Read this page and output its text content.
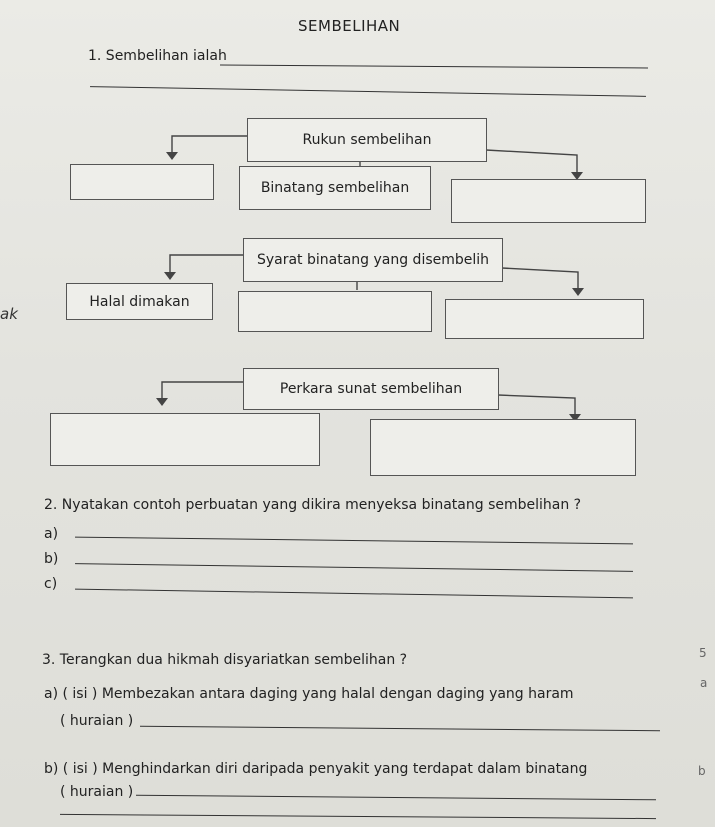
SEMBELIHAN
1. Sembelihan ialah
Rukun sembelihan
Binatang sembelihan
Syarat binatang yang disembelih
Halal dimakan
ak
Perkara sunat sembelihan
2. Nyatakan contoh perbuatan yang dikira menyeksa binatang sembelihan ?
a)
b)
c)
3. Terangkan dua hikmah disyariatkan sembelihan ?
a) ( isi ) Membezakan antara daging yang halal dengan daging yang haram
( huraian )
b) ( isi ) Menghindarkan diri daripada penyakit yang terdapat dalam binatang
( huraian )
5
a
b
